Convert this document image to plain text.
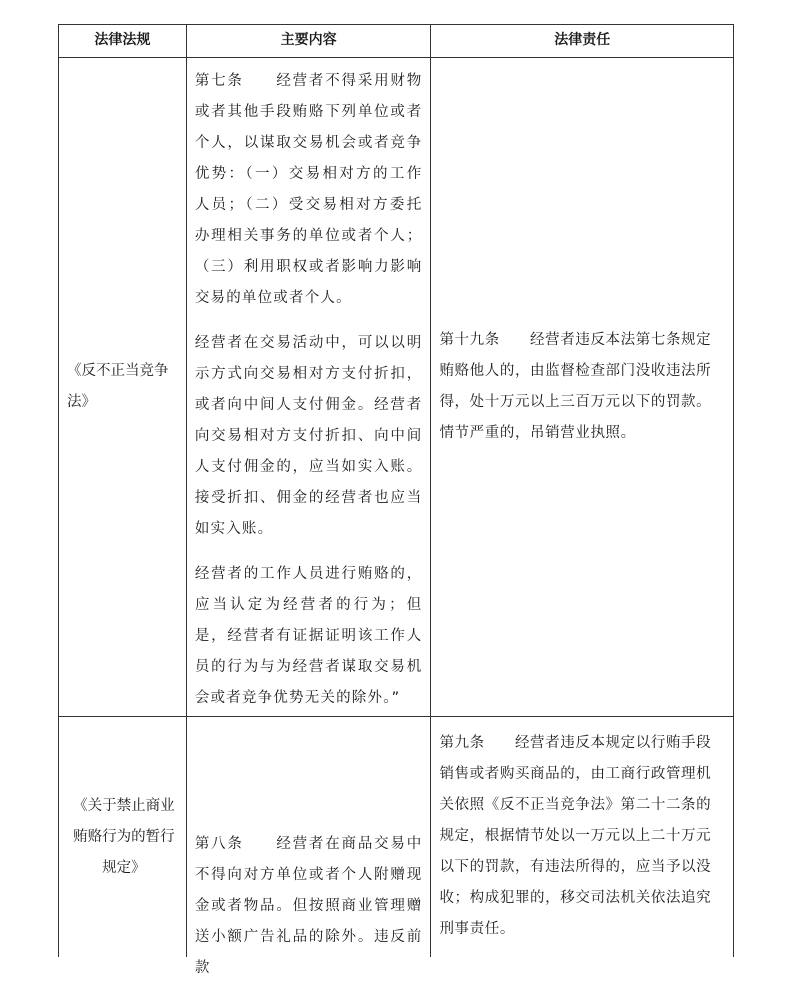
法律法规	主要内容	法律责任
《反不正当竞争法》

第七条　　经营者不得采用财物或者其他手段贿赂下列单位或者个人，以谋取交易机会或者竞争优势：（一）交易相对方的工作人员；（二）受交易相对方委托办理相关事务的单位或者个人；（三）利用职权或者影响力影响交易的单位或者个人。

经营者在交易活动中，可以以明示方式向交易相对方支付折扣，或者向中间人支付佣金。经营者向交易相对方支付折扣、向中间人支付佣金的，应当如实入账。接受折扣、佣金的经营者也应当如实入账。

经营者的工作人员进行贿赂的，应当认定为经营者的行为；但是，经营者有证据证明该工作人员的行为与为经营者谋取交易机会或者竞争优势无关的除外。”

第十九条　　经营者违反本法第七条规定贿赂他人的，由监督检查部门没收违法所得，处十万元以上三百万元以下的罚款。情节严重的，吊销营业执照。

《关于禁止商业贿赂行为的暂行规定》

第八条　　经营者在商品交易中不得向对方单位或者个人附赠现金或者物品。但按照商业管理赠送小额广告礼品的除外。违反前款

第九条　　经营者违反本规定以行贿手段销售或者购买商品的，由工商行政管理机关依照《反不正当竞争法》第二十二条的规定，根据情节处以一万元以上二十万元以下的罚款，有违法所得的，应当予以没收；构成犯罪的，移交司法机关依法追究刑事责任。
